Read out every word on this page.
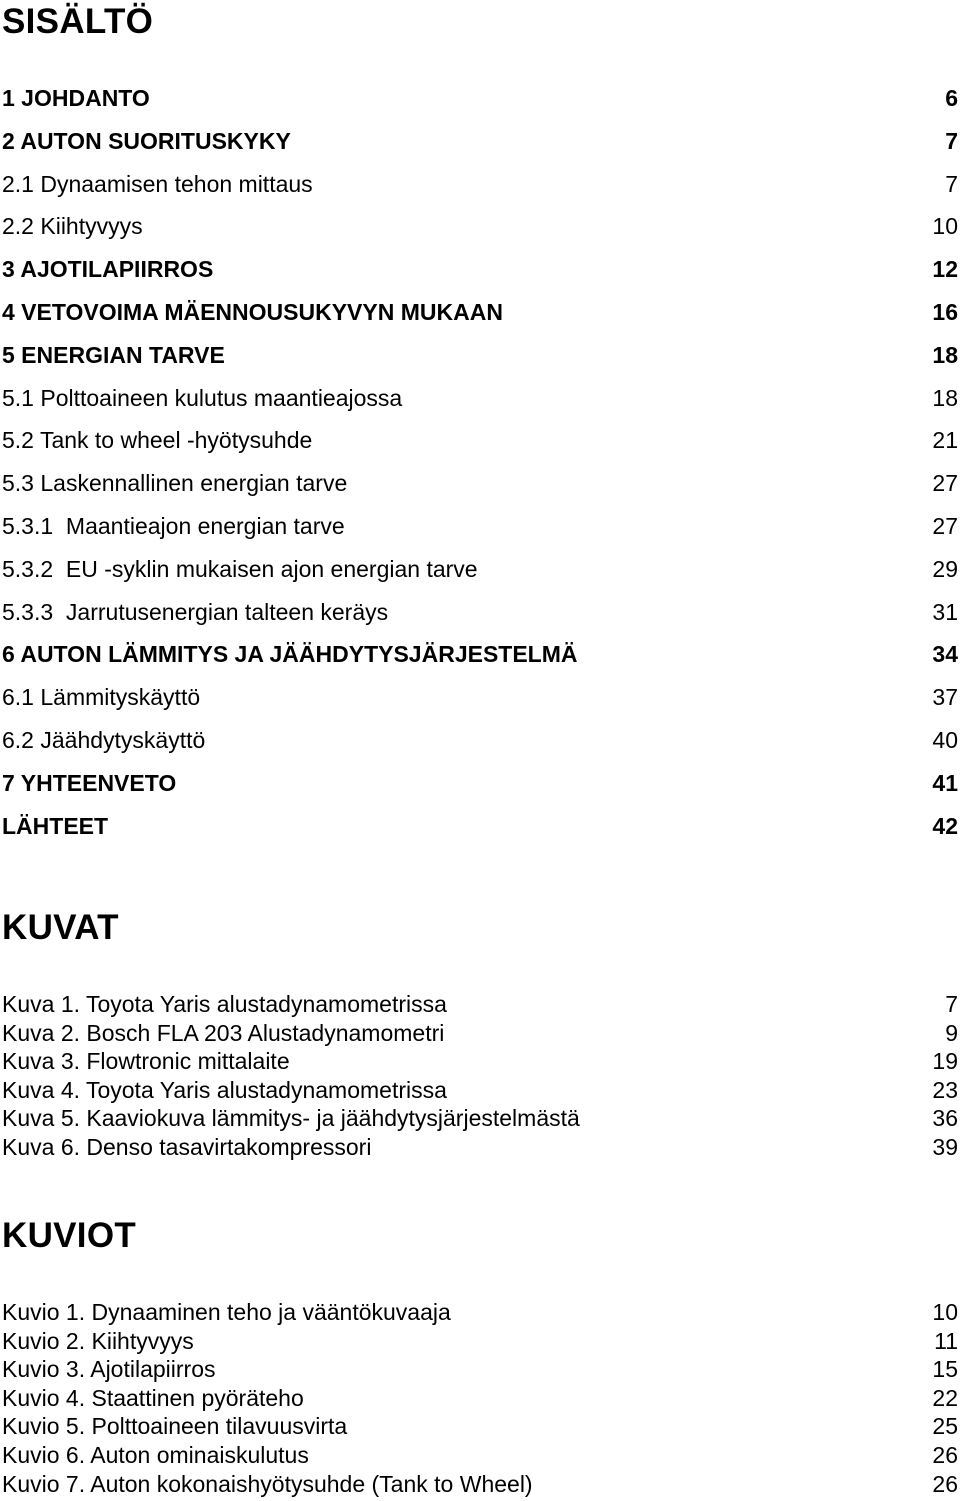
SISÄLTÖ
1 JOHDANTO	6
2 AUTON SUORITUSKYKY	7
2.1 Dynaamisen tehon mittaus	7
2.2 Kiihtyvyys	10
3 AJOTILAPIIRROS	12
4 VETOVOIMA MÄENNOUSUKYVYN MUKAAN	16
5 ENERGIAN TARVE	18
5.1 Polttoaineen kulutus maantieajossa	18
5.2 Tank to wheel -hyötysuhde	21
5.3 Laskennallinen energian tarve	27
5.3.1  Maantieajon energian tarve	27
5.3.2  EU -syklin mukaisen ajon energian tarve	29
5.3.3  Jarrutusenergian talteen keräys	31
6 AUTON LÄMMITYS JA JÄÄHDYTYSJÄRJESTELMÄ	34
6.1 Lämmityskäyttö	37
6.2 Jäähdytyskäyttö	40
7 YHTEENVETO	41
LÄHTEET	42
KUVAT
Kuva 1. Toyota Yaris alustadynamometrissa	7
Kuva 2. Bosch FLA 203 Alustadynamometri	9
Kuva 3. Flowtronic mittalaite	19
Kuva 4. Toyota Yaris alustadynamometrissa	23
Kuva 5. Kaaviokuva lämmitys- ja jäähdytysjärjestelmästä	36
Kuva 6. Denso tasavirtakompressori	39
KUVIOT
Kuvio 1. Dynaaminen teho ja vääntökuvaaja	10
Kuvio 2. Kiihtyvyys	11
Kuvio 3. Ajotilapiirros	15
Kuvio 4. Staattinen pyöräteho	22
Kuvio 5. Polttoaineen tilavuusvirta	25
Kuvio 6. Auton ominaiskulutus	26
Kuvio 7. Auton kokonaishyötysuhde (Tank to Wheel)	26
